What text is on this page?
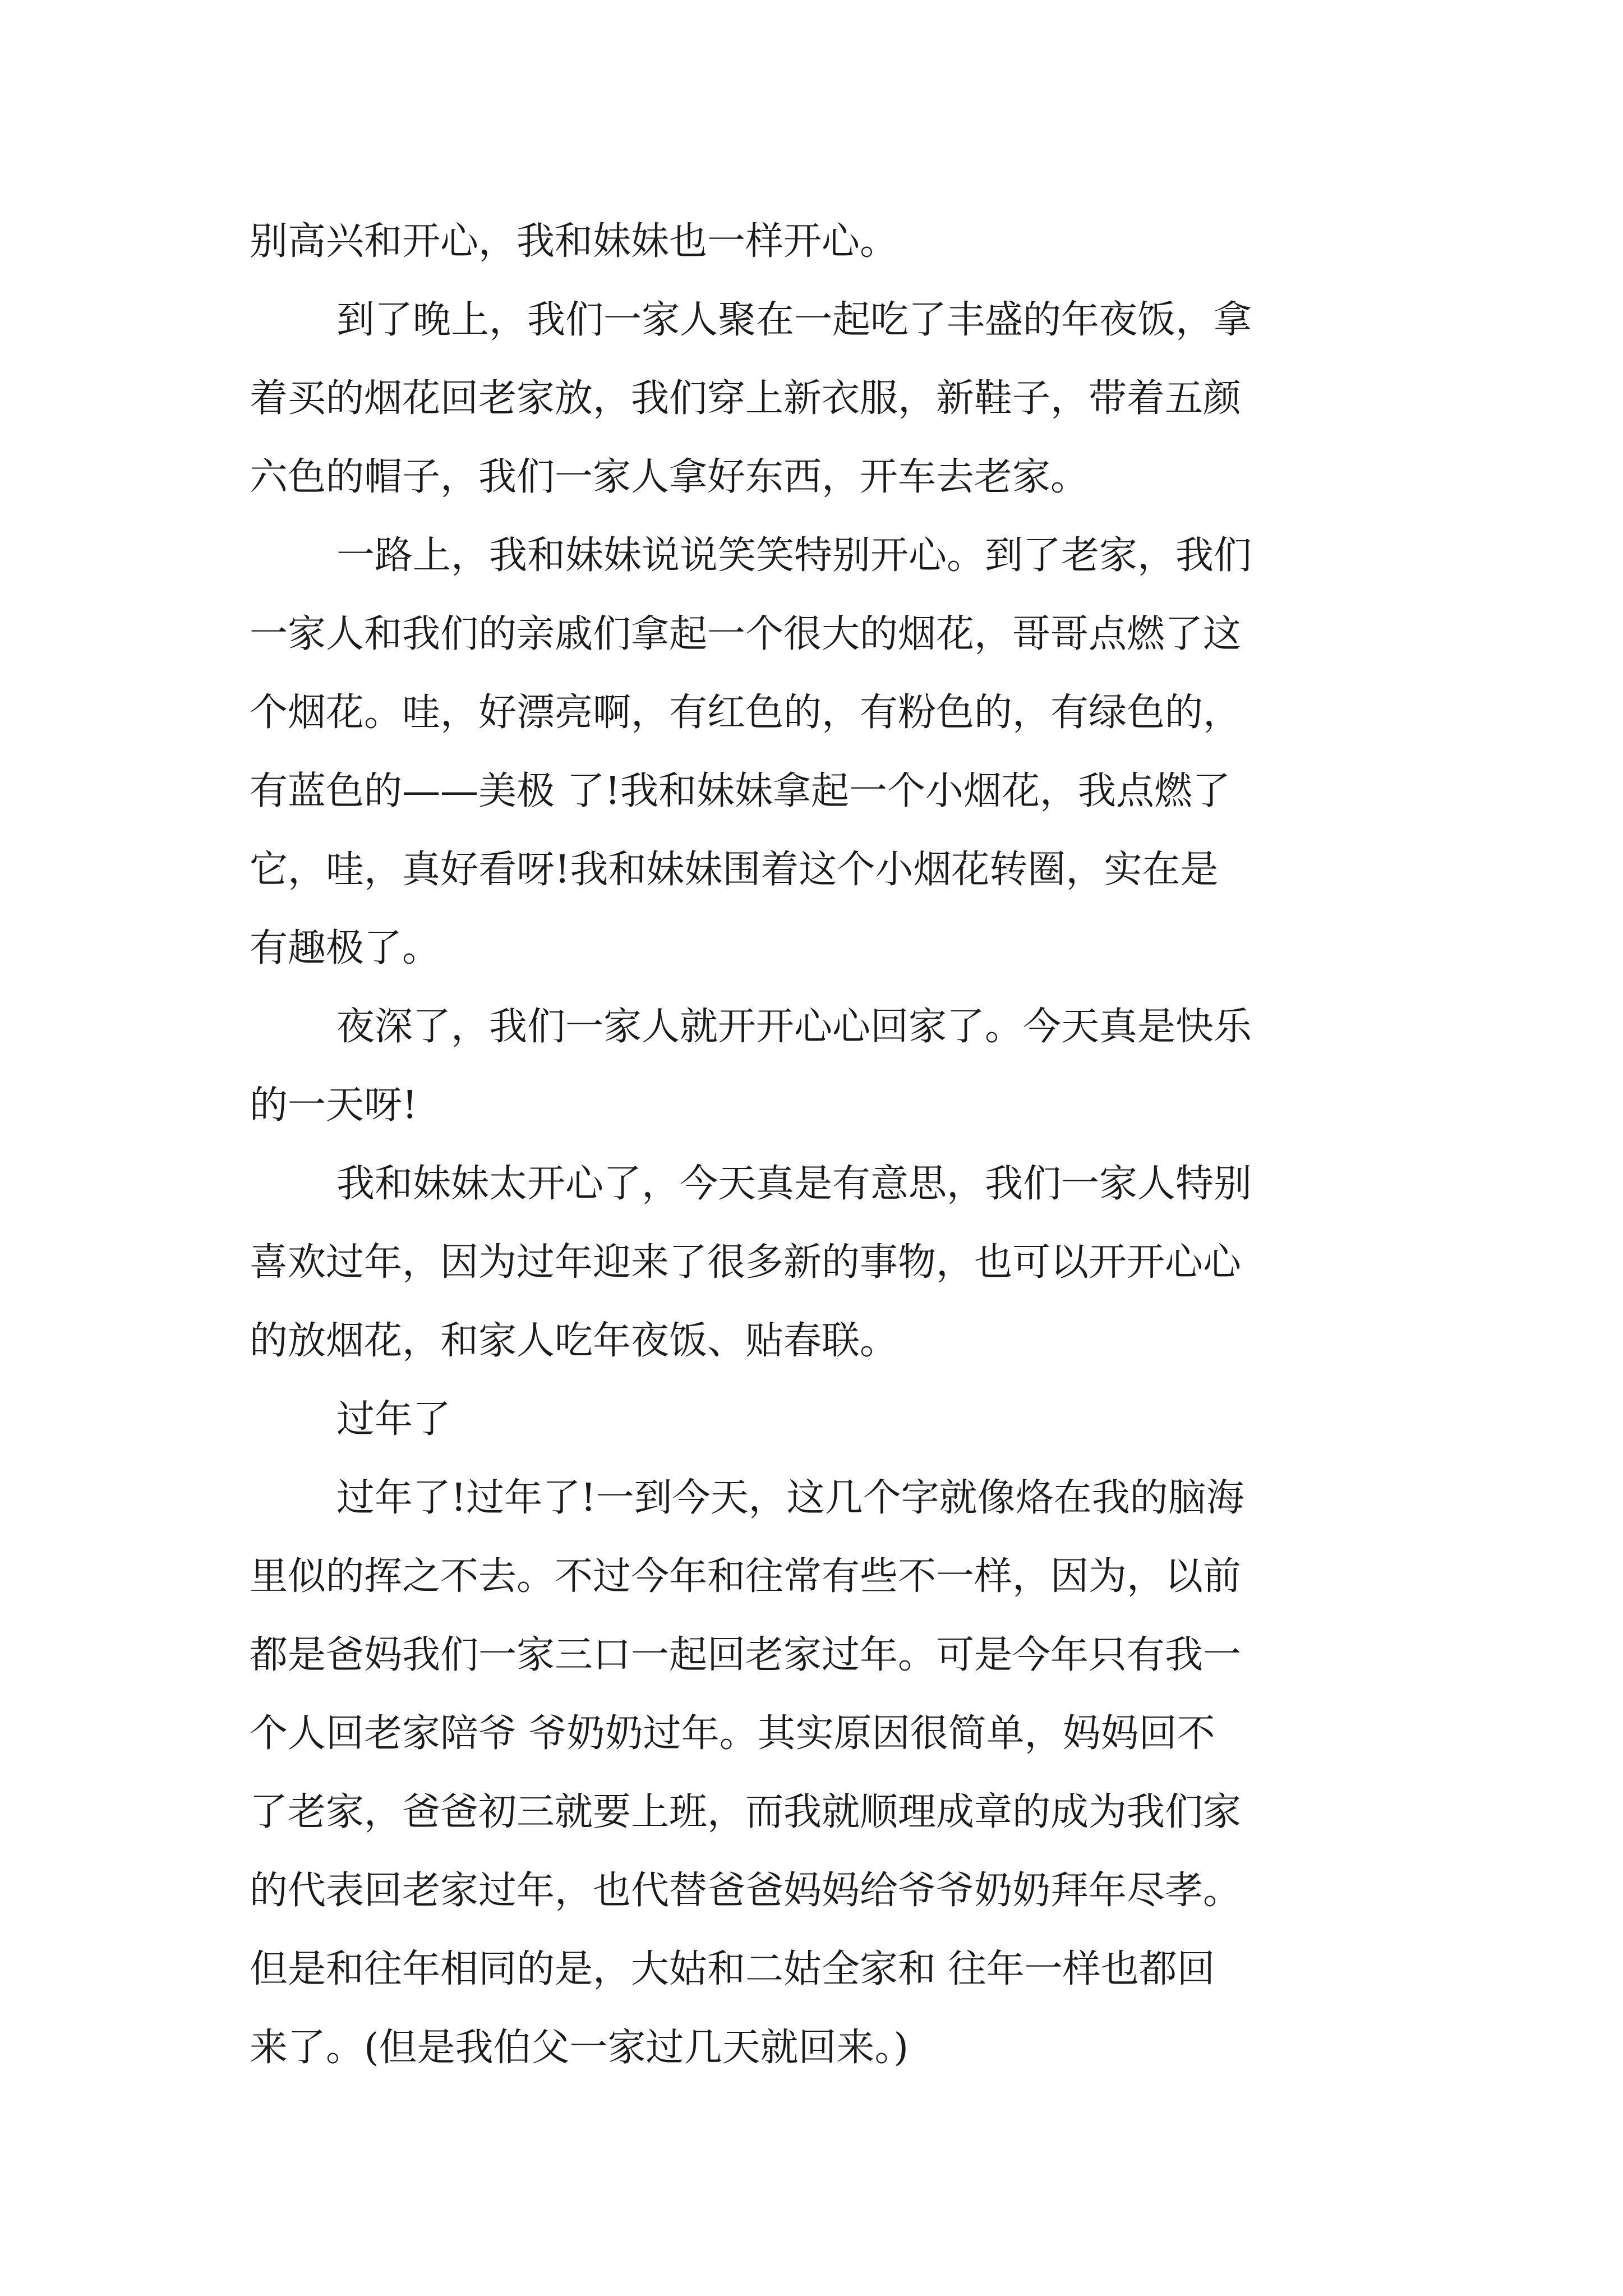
别高兴和开心，我和妹妹也一样开心。
到了晚上，我们一家人聚在一起吃了丰盛的年夜饭，拿
着买的烟花回老家放，我们穿上新衣服，新鞋子，带着五颜
六色的帽子，我们一家人拿好东西，开车去老家。
一路上，我和妹妹说说笑笑特别开心。到了老家，我们
一家人和我们的亲戚们拿起一个很大的烟花，哥哥点燃了这
个烟花。哇，好漂亮啊，有红色的，有粉色的，有绿色的，
有蓝色的——美极 了!我和妹妹拿起一个小烟花，我点燃了
它，哇，真好看呀!我和妹妹围着这个小烟花转圈，实在是
有趣极了。
夜深了，我们一家人就开开心心回家了。今天真是快乐
的一天呀!
我和妹妹太开心了，今天真是有意思，我们一家人特别
喜欢过年，因为过年迎来了很多新的事物，也可以开开心心
的放烟花，和家人吃年夜饭、贴春联。
过年了
过年了!过年了!一到今天，这几个字就像烙在我的脑海
里似的挥之不去。不过今年和往常有些不一样，因为，以前
都是爸妈我们一家三口一起回老家过年。可是今年只有我一
个人回老家陪爷 爷奶奶过年。其实原因很简单，妈妈回不
了老家，爸爸初三就要上班，而我就顺理成章的成为我们家
的代表回老家过年，也代替爸爸妈妈给爷爷奶奶拜年尽孝。
但是和往年相同的是，大姑和二姑全家和 往年一样也都回
来了。(但是我伯父一家过几天就回来。)
